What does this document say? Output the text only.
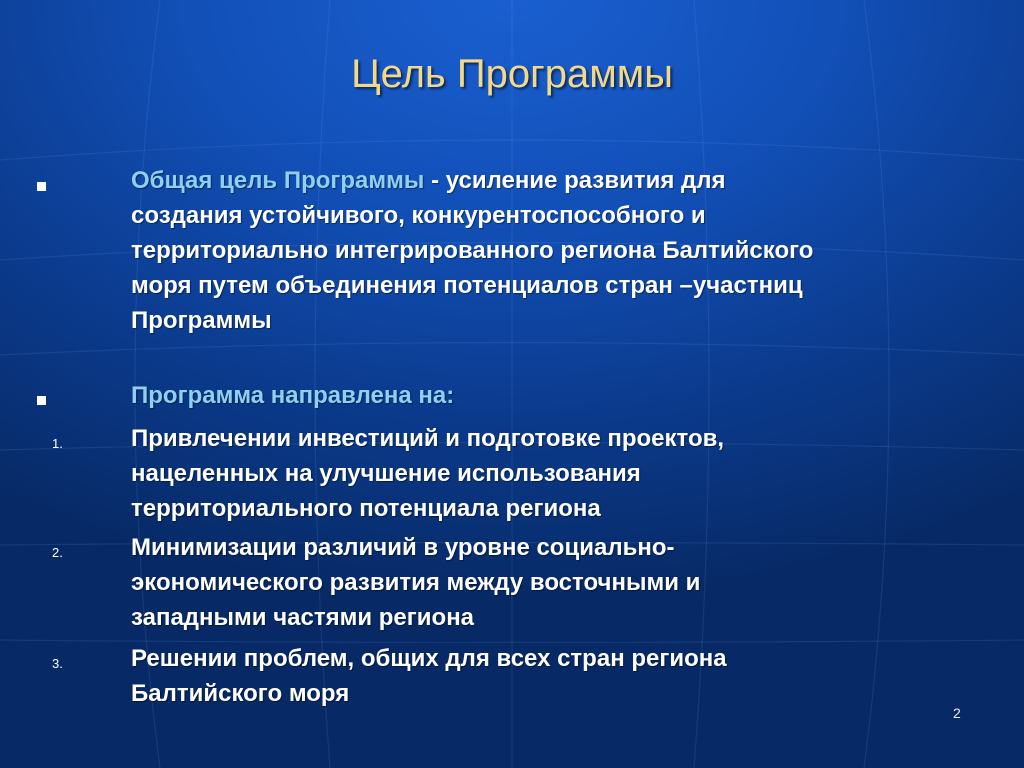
Цель Программы
Общая цель Программы - усиление развития для
создания устойчивого, конкурентоспособного и
территориально интегрированного региона Балтийского
моря путем объединения потенциалов стран –участниц
Программы
Программа направлена на:
1.	Привлечении инвестиций и подготовке проектов,
нацеленных на улучшение использования
территориального потенциала региона
2.	Минимизации различий в уровне социально-
экономического развития между восточными и
западными частями региона
3.	Решении проблем, общих для всех стран региона
Балтийского моря
2
